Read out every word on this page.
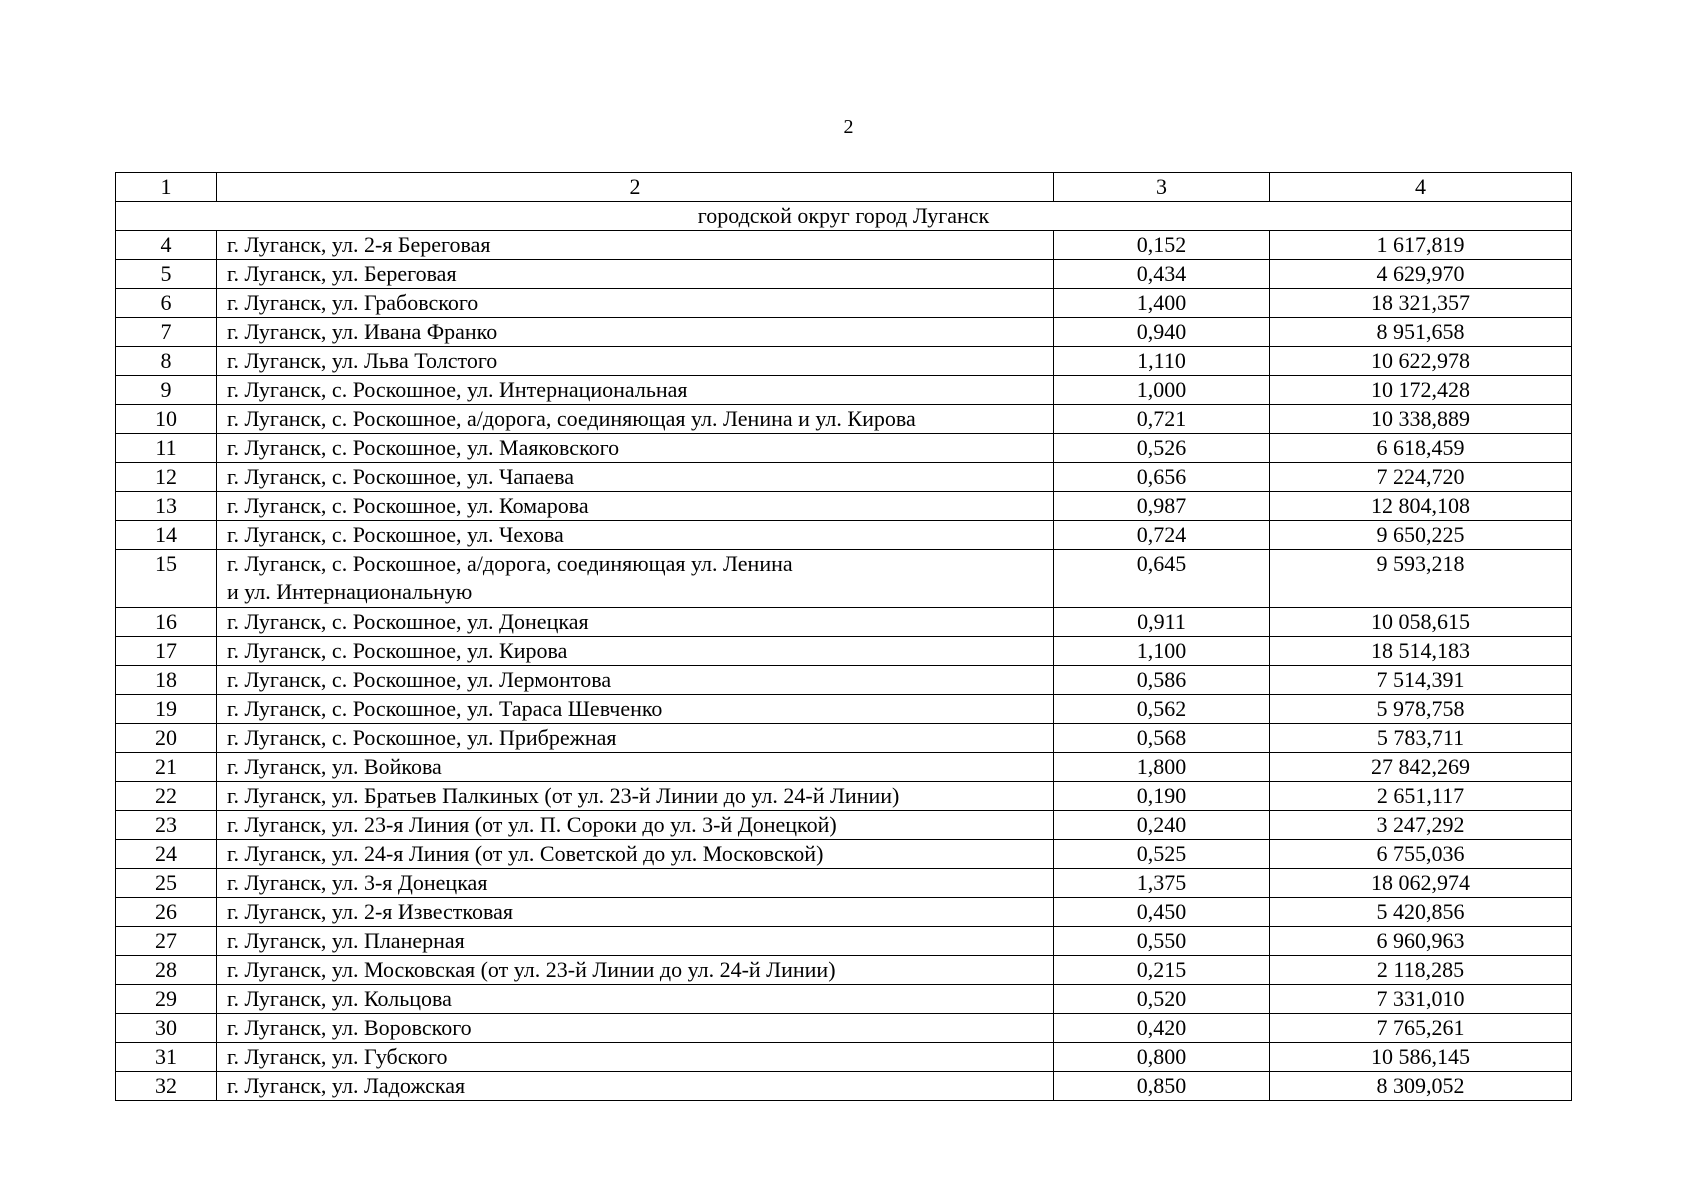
2
1	2	3	4
городской округ город Луганск			
4	г. Луганск, ул. 2-я Береговая	0,152	1 617,819
5	г. Луганск, ул. Береговая	0,434	4 629,970
6	г. Луганск, ул. Грабовского	1,400	18 321,357
7	г. Луганск, ул. Ивана Франко	0,940	8 951,658
8	г. Луганск, ул. Льва Толстого	1,110	10 622,978
9	г. Луганск, с. Роскошное, ул. Интернациональная	1,000	10 172,428
10	г. Луганск, с. Роскошное, а/дорога, соединяющая ул. Ленина и ул. Кирова	0,721	10 338,889
11	г. Луганск, с. Роскошное, ул. Маяковского	0,526	6 618,459
12	г. Луганск, с. Роскошное, ул. Чапаева	0,656	7 224,720
13	г. Луганск, с. Роскошное, ул. Комарова	0,987	12 804,108
14	г. Луганск, с. Роскошное, ул. Чехова	0,724	9 650,225
15	г. Луганск, с. Роскошное, а/дорога, соединяющая ул. Ленина
и ул. Интернациональную	0,645	9 593,218
16	г. Луганск, с. Роскошное, ул. Донецкая	0,911	10 058,615
17	г. Луганск, с. Роскошное, ул. Кирова	1,100	18 514,183
18	г. Луганск, с. Роскошное, ул. Лермонтова	0,586	7 514,391
19	г. Луганск, с. Роскошное, ул. Тараса Шевченко	0,562	5 978,758
20	г. Луганск, с. Роскошное, ул. Прибрежная	0,568	5 783,711
21	г. Луганск, ул. Войкова	1,800	27 842,269
22	г. Луганск, ул. Братьев Палкиных (от ул. 23-й Линии до ул. 24-й Линии)	0,190	2 651,117
23	г. Луганск, ул. 23-я Линия (от ул. П. Сороки до ул. 3-й Донецкой)	0,240	3 247,292
24	г. Луганск, ул. 24-я Линия (от ул. Советской до ул. Московской)	0,525	6 755,036
25	г. Луганск, ул. 3-я Донецкая	1,375	18 062,974
26	г. Луганск, ул. 2-я Известковая	0,450	5 420,856
27	г. Луганск, ул. Планерная	0,550	6 960,963
28	г. Луганск, ул. Московская (от ул. 23-й Линии до ул. 24-й Линии)	0,215	2 118,285
29	г. Луганск, ул. Кольцова	0,520	7 331,010
30	г. Луганск, ул. Воровского	0,420	7 765,261
31	г. Луганск, ул. Губского	0,800	10 586,145
32	г. Луганск, ул. Ладожская	0,850	8 309,052
